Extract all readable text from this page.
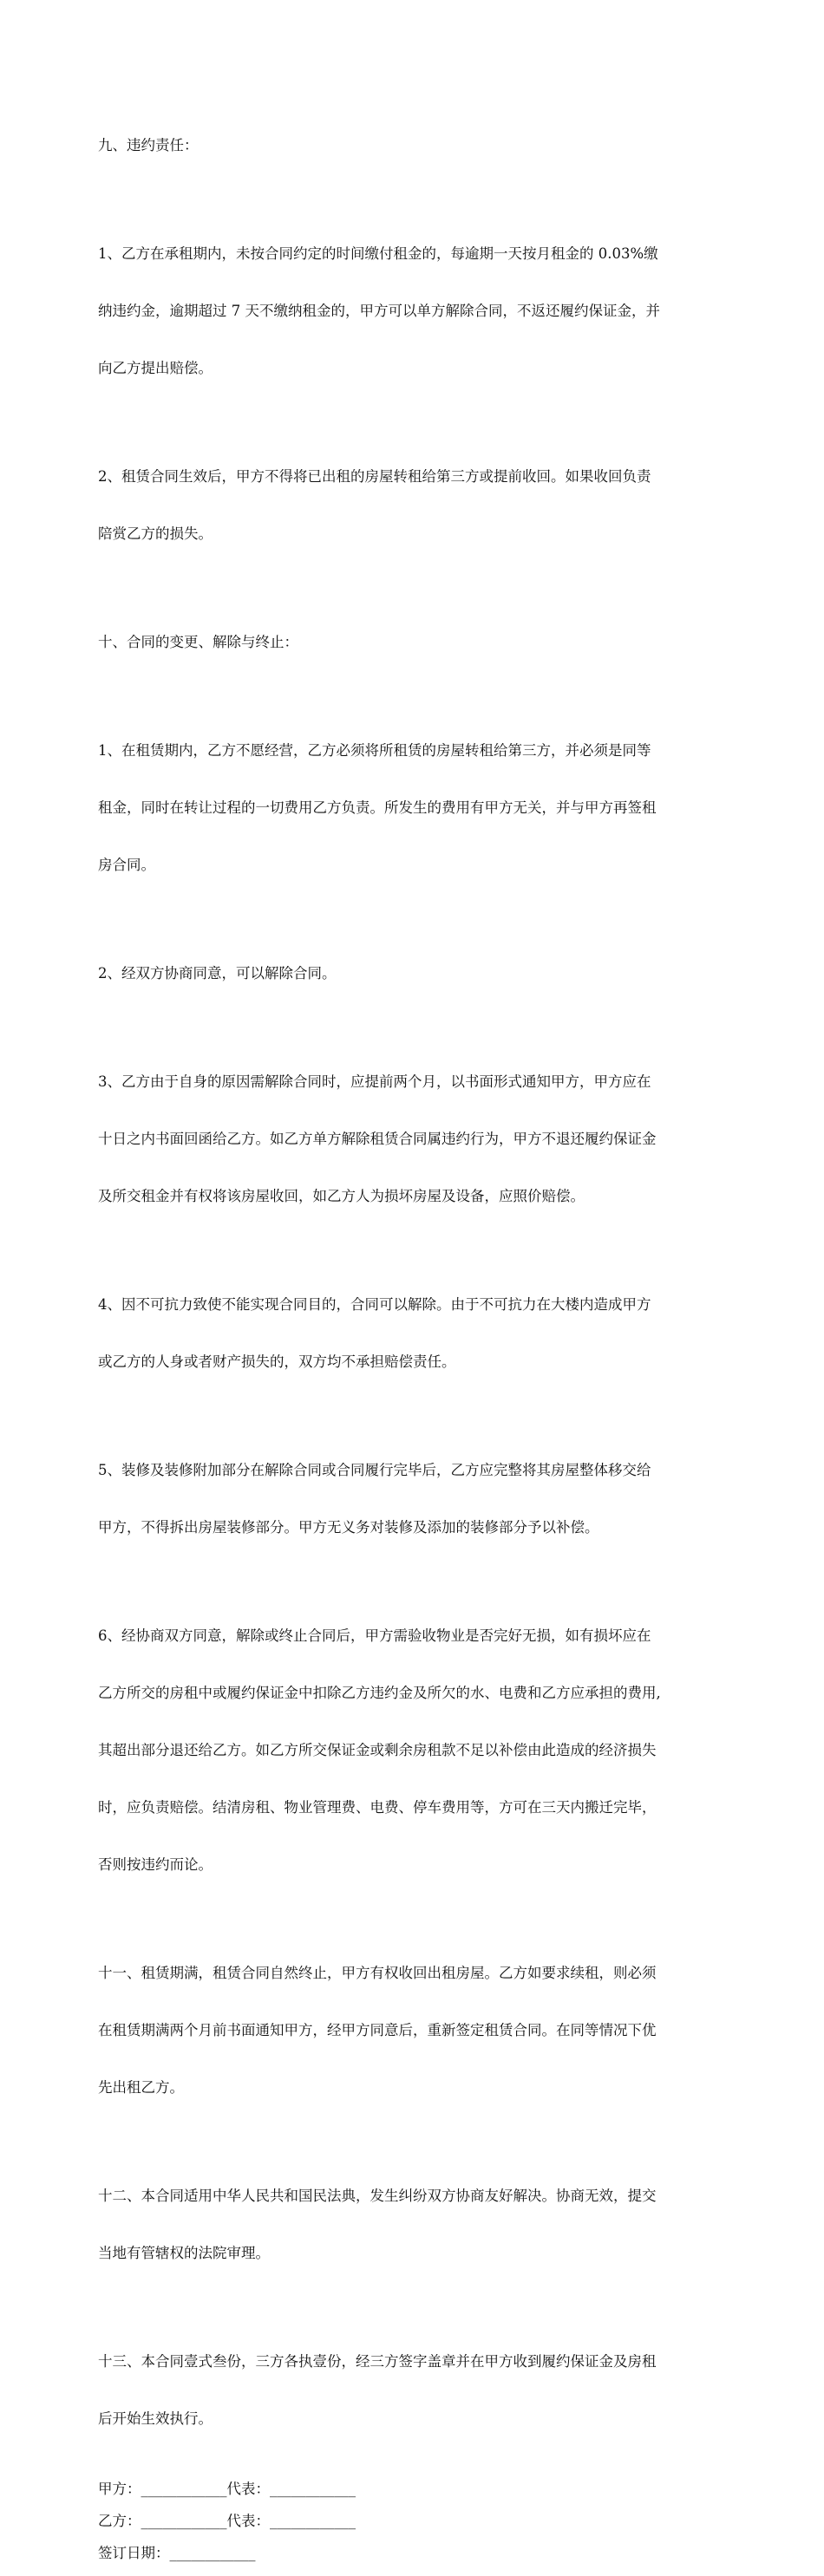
九、违约责任：

1、乙方在承租期内，未按合同约定的时间缴付租金的，每逾期一天按月租金的 0.03%缴

纳违约金，逾期超过 7 天不缴纳租金的，甲方可以单方解除合同，不返还履约保证金，并

向乙方提出赔偿。

2、租赁合同生效后，甲方不得将已出租的房屋转租给第三方或提前收回。如果收回负责

陪赏乙方的损失。

十、合同的变更、解除与终止：

1、在租赁期内，乙方不愿经营，乙方必须将所租赁的房屋转租给第三方，并必须是同等

租金，同时在转让过程的一切费用乙方负责。所发生的费用有甲方无关，并与甲方再签租

房合同。

2、经双方协商同意，可以解除合同。

3、乙方由于自身的原因需解除合同时，应提前两个月，以书面形式通知甲方，甲方应在

十日之内书面回函给乙方。如乙方单方解除租赁合同属违约行为，甲方不退还履约保证金

及所交租金并有权将该房屋收回，如乙方人为损坏房屋及设备，应照价赔偿。

4、因不可抗力致使不能实现合同目的，合同可以解除。由于不可抗力在大楼内造成甲方

或乙方的人身或者财产损失的，双方均不承担赔偿责任。

5、装修及装修附加部分在解除合同或合同履行完毕后，乙方应完整将其房屋整体移交给

甲方，不得拆出房屋装修部分。甲方无义务对装修及添加的装修部分予以补偿。

6、经协商双方同意，解除或终止合同后，甲方需验收物业是否完好无损，如有损坏应在

乙方所交的房租中或履约保证金中扣除乙方违约金及所欠的水、电费和乙方应承担的费用,

其超出部分退还给乙方。如乙方所交保证金或剩余房租款不足以补偿由此造成的经济损失

时，应负责赔偿。结清房租、物业管理费、电费、停车费用等，方可在三天内搬迁完毕，

否则按违约而论。

十一、租赁期满，租赁合同自然终止，甲方有权收回出租房屋。乙方如要求续租，则必须

在租赁期满两个月前书面通知甲方，经甲方同意后，重新签定租赁合同。在同等情况下优

先出租乙方。

十二、本合同适用中华人民共和国民法典，发生纠纷双方协商友好解决。协商无效，提交

当地有管辖权的法院审理。

十三、本合同壹式叁份，三方各执壹份，经三方签字盖章并在甲方收到履约保证金及房租

后开始生效执行。

甲方：____________代表：____________

乙方：____________代表：____________

签订日期：____________
